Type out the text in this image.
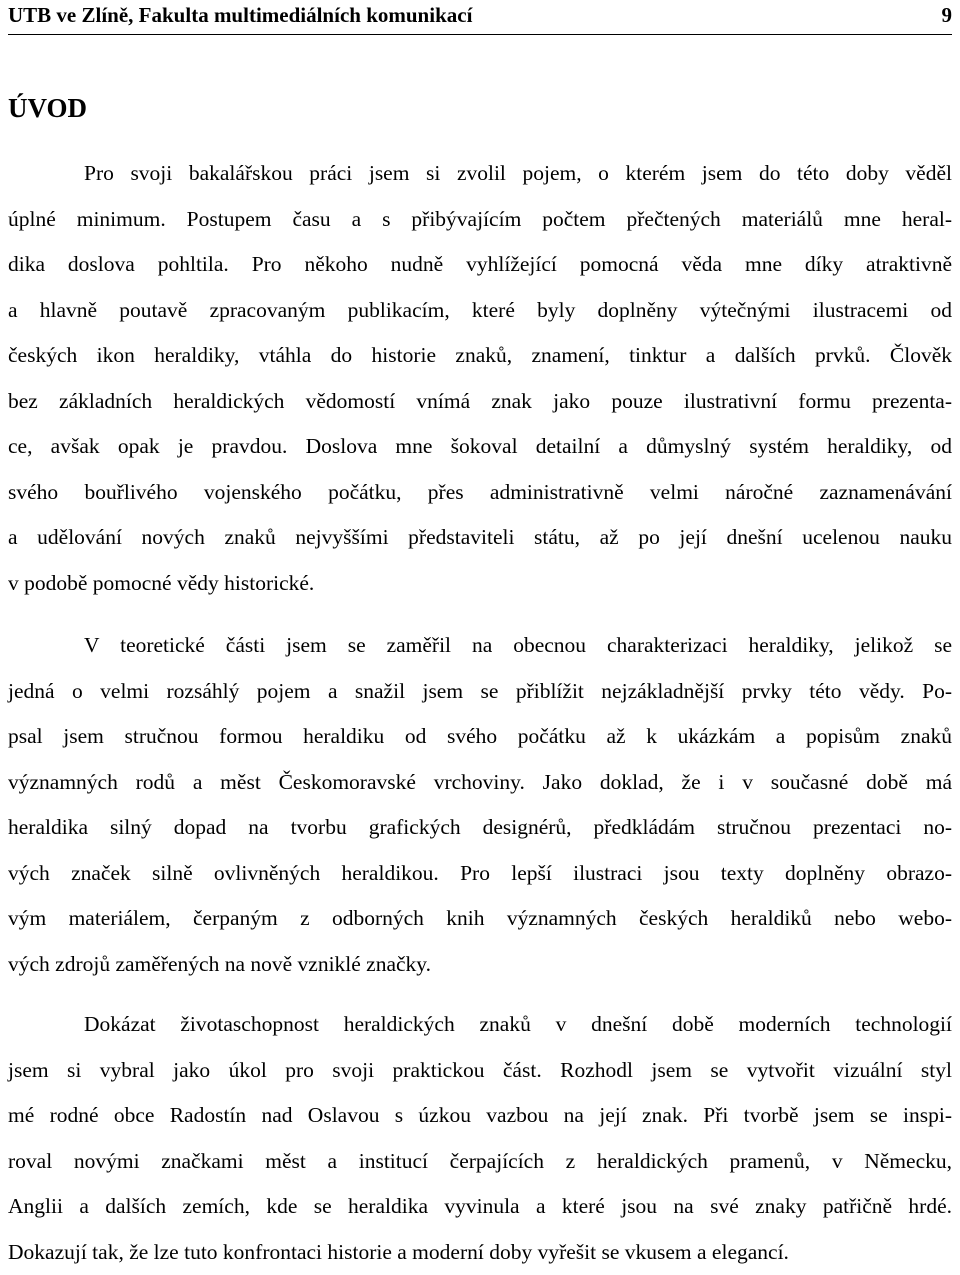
UTB ve Zlíně, Fakulta multimediálních komunikací	9
ÚVOD
Pro svoji bakalářskou práci jsem si zvolil pojem, o kterém jsem do této doby věděl
úplné minimum. Postupem času a s přibývajícím počtem přečtených materiálů mne heral-
dika doslova pohltila. Pro někoho nudně vyhlížející pomocná věda mne díky atraktivně
a hlavně poutavě zpracovaným publikacím, které byly doplněny výtečnými ilustracemi od
českých ikon heraldiky, vtáhla do historie znaků, znamení, tinktur a dalších prvků. Člověk
bez základních heraldických vědomostí vnímá znak jako pouze ilustrativní formu prezenta-
ce, avšak opak je pravdou. Doslova mne šokoval detailní a důmyslný systém heraldiky, od
svého bouřlivého vojenského počátku, přes administrativně velmi náročné zaznamenávání
a udělování nových znaků nejvyššími představiteli státu, až po její dnešní ucelenou nauku
v podobě pomocné vědy historické.
V teoretické části jsem se zaměřil na obecnou charakterizaci heraldiky, jelikož se
jedná o velmi rozsáhlý pojem a snažil jsem se přiblížit nejzákladnější prvky této vědy. Po-
psal jsem stručnou formou heraldiku od svého počátku až k ukázkám a popisům znaků
významných rodů a měst Českomoravské vrchoviny. Jako doklad, že i v současné době má
heraldika silný dopad na tvorbu grafických designérů, předkládám stručnou prezentaci no-
vých značek silně ovlivněných heraldikou. Pro lepší ilustraci jsou texty doplněny obrazo-
vým materiálem, čerpaným z odborných knih významných českých heraldiků nebo webo-
vých zdrojů zaměřených na nově vzniklé značky.
Dokázat životaschopnost heraldických znaků v dnešní době moderních technologií
jsem si vybral jako úkol pro svoji praktickou část. Rozhodl jsem se vytvořit vizuální styl
mé rodné obce Radostín nad Oslavou s úzkou vazbou na její znak. Při tvorbě jsem se inspi-
roval novými značkami měst a institucí čerpajících z heraldických pramenů, v Německu,
Anglii a dalších zemích, kde se heraldika vyvinula a které jsou na své znaky patřičně hrdé.
Dokazují tak, že lze tuto konfrontaci historie a moderní doby vyřešit se vkusem a elegancí.
